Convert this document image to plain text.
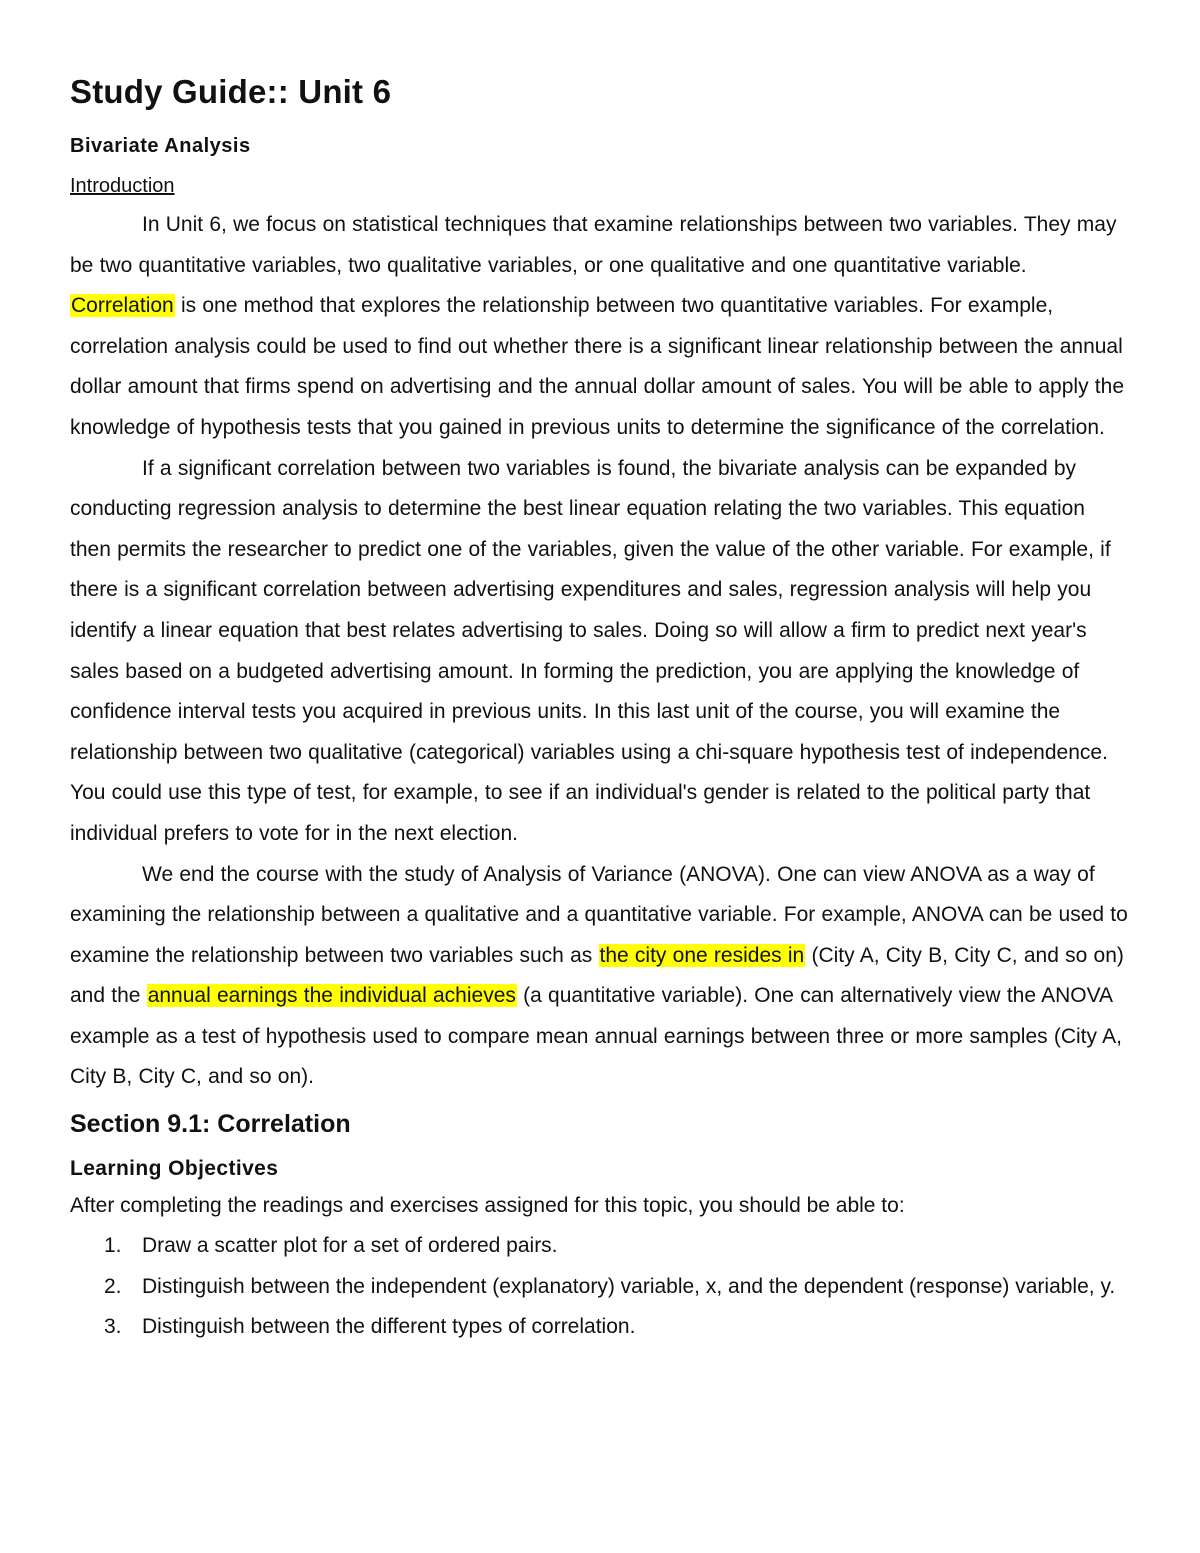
Study Guide:: Unit 6
Bivariate Analysis
Introduction

In Unit 6, we focus on statistical techniques that examine relationships between two variables. They may be two quantitative variables, two qualitative variables, or one qualitative and one quantitative variable. Correlation is one method that explores the relationship between two quantitative variables. For example, correlation analysis could be used to find out whether there is a significant linear relationship between the annual dollar amount that firms spend on advertising and the annual dollar amount of sales. You will be able to apply the knowledge of hypothesis tests that you gained in previous units to determine the significance of the correlation.

If a significant correlation between two variables is found, the bivariate analysis can be expanded by conducting regression analysis to determine the best linear equation relating the two variables. This equation then permits the researcher to predict one of the variables, given the value of the other variable. For example, if there is a significant correlation between advertising expenditures and sales, regression analysis will help you identify a linear equation that best relates advertising to sales. Doing so will allow a firm to predict next year's sales based on a budgeted advertising amount. In forming the prediction, you are applying the knowledge of confidence interval tests you acquired in previous units. In this last unit of the course, you will examine the relationship between two qualitative (categorical) variables using a chi-square hypothesis test of independence. You could use this type of test, for example, to see if an individual's gender is related to the political party that individual prefers to vote for in the next election.

We end the course with the study of Analysis of Variance (ANOVA). One can view ANOVA as a way of examining the relationship between a qualitative and a quantitative variable. For example, ANOVA can be used to examine the relationship between two variables such as the city one resides in (City A, City B, City C, and so on) and the annual earnings the individual achieves (a quantitative variable). One can alternatively view the ANOVA example as a test of hypothesis used to compare mean annual earnings between three or more samples (City A, City B, City C, and so on).

Section 9.1: Correlation
Learning Objectives
After completing the readings and exercises assigned for this topic, you should be able to:
1. Draw a scatter plot for a set of ordered pairs.
2. Distinguish between the independent (explanatory) variable, x, and the dependent (response) variable, y.
3. Distinguish between the different types of correlation.
